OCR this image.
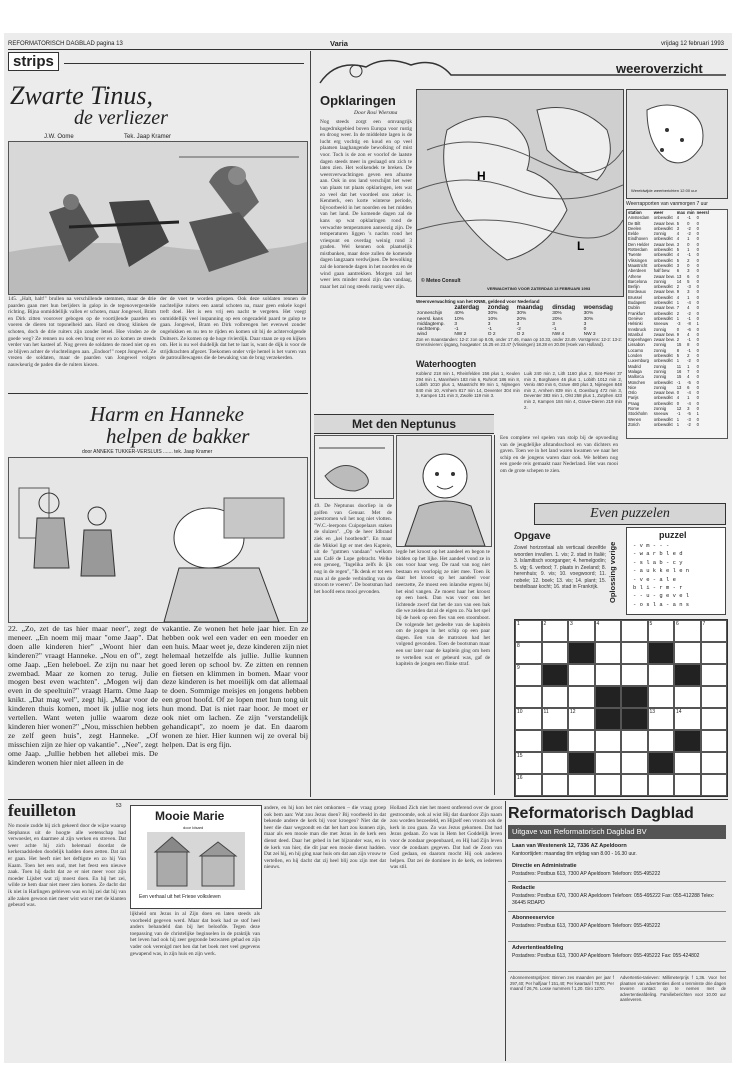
REFORMATORISCH DAGBLAD pagina 13	Varia	vrijdag 12 februari 1993
strips
Zwarte Tinus,
de verliezer
J.W. Oome	Tek. Jaap Kramer
145. „Halt, halt!" brullen na verschillende stemmen, maar de drie paarden gaan met hun berijders in galop in de tegenovergestelde richting. Bijna onmiddellijk vallen er schoten, maar Jongewel, Bram en Dirk zitten voorover gebogen op de voortijlende paarden en voeren de dieren tot topsnelheid aan. Hard en droog klinken de schoten, doch de drie ruiters zijn zonder letsel. Hoe vinden ze de goede weg? Ze rennen nu ook een brug over en zo komen ze steeds verder van het kasteel af. Nog geven de soldaten de moed niet op en ze blijven achter de vluchtelingen aan. „Endoor!" roept Jongewel. Ze vrezen de soldaten, maar de paarden van Jongewel volgen nauwkeurig de paden die de ruiters kiezen.
der de voet te worden gelopen. Ook deze soldaten rennen de nachtelijke ruiters een aantal schoten na, maar geen enkele kogel treft doel. Het is een vrij een nacht te vergeten. Het voegt onmiddellijk veel inspanning op een ongezadeld paard te galop te gaan. Jongewel, Bram en Dirk volbrengen het evenwel zonder ongelukken en nu ten te rijden en komen uit bij de achtervolgende Duitsers. Ze komen op de hoge rivierdijk. Daar staan ze op en kijken om. Het is nu wel duidelijk dat het te laat is, want de dijk is voor de strijdkrachten afgezet. Toekomen onder vrije hemel is het vuren van de patrouillewagens die de bewaking van de brug verzekerden.
Harm en Hanneke
helpen de bakker
door ANNEKE TUKKER-VERSLUIS ....... tek. Jaap Kramer
22. „Zo, zet de tas hier maar neer", zegt de meneer. „En noem mij maar "ome Jaap". Dat doen alle kinderen hier" „Woont hier dan kinderen?" vraagt Hanneke. „Nou en of", zegt ome Jaap. „Een heleboel. Ze zijn nu naar het zwembad. Maar ze komen zo terug. Julie mogen best even wachten". „Mogen wij dan even in de speeltuin?" vraagt Harm. Ome Jaap knikt. „Dat mag wel", zegt hij. „Maar voor de kinderen thuis komen, moet ik jullie nog iets vertellen. Want weten jullie waarom deze kinderen hier wonen?" „Nou, misschien hebben ze zelf geen huis", zegt Hanneke. „Of misschien zijn ze hier op vakantie". „Nee", zegt ome Jaap. „Jullie hebben het allebei mis. De kinderen wonen hier niet alleen in de
vakantie. Ze wonen het hele jaar hier. En ze hebben ook wel een vader en een moeder en een huis. Maar weet je, deze kinderen zijn niet helemaal hetzelfde als jullie. Jullie kunnen goed leren op school bv. Ze zitten en rennen en fietsen en klimmen in bomen. Maar voor deze kinderen is het moeilijk om dat allemaal te doen. Sommige meisjes en jongens hebben een groot hoofd. Of ze lopen met hun tong uit hun mond. Dat is niet raar hoor. Je moet er ook niet om lachen. Ze zijn "verstandelijk gehandicapt", zo noem je dat. En daarom wonen ze hier. Hier kunnen wij ze overal bij helpen. Dat is erg fijn.
feuilleton	53
No mooie zudde hij zich gekeerd door de wijze waarop Stephanus uit de hoogte alle wetenschap had verwoeslet, en daarmee al zijn werken en streven. Dat weer achte hij zich helemaal doordat de kerkeraadsleden doodelijk hadden doen zetten. Dat zal er gaan. Het heeft niet het deftigste en zo hij Van Kaam. Toen het een oud, met het feest een nieuwe zaak. Toen hij dacht dat ze er niet meer voor zijn moeder Lijsbet wat zij moest doen. En hij het zei, wilde ze hem daar niet meer zien komen. Ze dacht dat ik niet in Harlingen gebleven was en hij zei dat hij van alle zaken gewoon niet meer wist wat er met de klanten gebeurd was.
Mooie Marie
door Idsard
Een verhaal uit het Friese volksleven
lijkheid om Jezus in al Zijn doen en laten steeds als voorbeeld gegeven werd. Maar dat boek had ze stof heel anders behandeld dan bij het beloofde. Tegen deze toepassing van de christelijke beginselen in de praktijk van het leven had ook hij zeer gegronde bezwaren gehad en zijn vader ook verenigd met hen dat het boek met veel gegevens gewapend was, in zijn huis en zijn werk.
andere, en hij kon het niet omkomen – die vraag groep ook bem aan: Wat zou Jezus doen? Bij voorbeeld in dat bekende andere de kerk bij voor kroegen? Niet dat de heer die daar wegzondt en dat het hart zou kunnen zijn, maar als een mooie man die met Jezus in de kerk een dienst deed. Daar het gebed in het bijzonder was, en in de kerk van hier, die dit jaar een mooie dienst hadden. Dat zei hij, en hij ging naar huis om dat aan zijn vrouw te vertellen, en hij dacht dat zij heel blij zou zijn met dat nieuws.
Holland Zich niet het moest ontferend over de groot gestroomde, ook al wist Hij dat daardoor Zijn naam zou worden bezoedeld, en Hijzelf een vroom ook de kerk in zou gaan. Zo was Jezus gekomen. Dat had Jezus gedaan. Zo was in Hem het Goddelijk leven voor de zondaar geopenbaard, en Hij had Zijn leven voor de zondaars gegeven. Dat had de Zoon van God gedaan, en daarom mocht Hij ook anderen helpen. Dat zei de dominee in de kerk, en iedereen was stil.
Reformatorisch Dagblad
Uitgave van Reformatorisch Dagblad BV
Laan van Westenenk 12, 7336 AZ Apeldoorn
Kantoortijden: maandag t/m vrijdag van 8.00 - 16.30 uur.
Directie en Administratie
Postadres: Postbus 613, 7300 AP Apeldoorn Telefoon: 055-495222
Redactie
Postadres: Postbus 670, 7300 AR Apeldoorn Telefoon: 055-495222 Fax: 055-412288 Telex: 36445 RDAPD
Abonneeservice
Postadres: Postbus 613, 7300 AP Apeldoorn Telefoon: 055-495222
Advertentieafdeling
Postadres: Postbus 613, 7300 AP Apeldoorn Telefoon: 055-495222 Fax: 055-424802
Abonnementsprijzen: Binnen zes maanden per jaar f 297,40; Per halfjaar f 151,40; Per kwartaal f 78,80; Per maand f 26,76. Losse nummers f 1,20. Giro 1270.
Advertentie-tarieven: Millimeterprijs f 1,36. Voor het plaatsen van advertenties dient u tenminste drie dagen tevoren contact op te nemen met de advertentieafdeling. Familieberichten voor 10.00 uur aanleveren.
weeroverzicht
Opklaringen
Door Rosi Wiersma
Nog steeds zorgt een omvangrijk hogedrukgebied boven Europa voor rustig en droog weer. In de middelste lagen is de lucht erg vochtig en koud en op veel plaatsen laaghangende bewolking of mist voor. Toch is de zon er voorlof de laatste dagen steeds meer in geslaagd om zich te laten zien. Het wolkendek te breken. De weersverwachtingen geven een afname aan. Ook in ons land verschijnt het weer van plaats tot plaats opklaringen, iets wat zo veel dat het voordeel ons zeker is. Kenmerk, een korte winterse periode, bijvoorbeeld in het noorden en het midden van het land. De komende dagen zal de kans op wat opklaringen rond de verwachte temperaturen aanwezig zijn. De temperaturen liggen 's nachts rond het vriespunt en overdag weinig rond 3 graden. Wel kennen ook plaatselijk mistbanken, maar deze zullen de komende dagen langzaam verdwijnen. De bewolking zal de komende dagen in het noorden en de wind gaan aantrekken. Morgen zal het weer iets minder mooi zijn dan vandaag, maar het zal nog steeds rustig weer zijn.
H
L
© Meteo Consult
VERWACHTING VOOR ZATERDAG 13 FEBRUARI 1993
Wereldwijde weerberichten 12:00 uur
Weerrapporten van vanmorgen 7 uur
station	weer	max	min	neersl
Amsterdam	onbewolkt	4	-1	0
De Bilt	zwaar bew.	5	0	0
Deelen	onbewolkt	3	-2	0
Eelde	zonnig	4	-2	0
Eindhoven	onbewolkt	4	1	0
Den Helder	zwaar bew.	3	0	0
Rotterdam	onbewolkt	5	1	0
Twente	onbewolkt	4	-1	0
Vlissingen	onbewolkt	5	2	0
Maastricht	onbewolkt	3	0	0
Aberdeen	half bew.	6	3	0
Athene	zwaar bew.	13	6	0
Barcelona	zonnig	14	5	0
Berlijn	onbewolkt	2	-3	0
Bordeaux	zwaar bew.	9	3	0
Brussel	onbewolkt	4	1	0
Budapest	onbewolkt	1	-4	0
Dublin	zwaar bew.	7	4	0
Frankfurt	onbewolkt	2	-2	0
Genève	onbewolkt	1	-1	0
Helsinki	sneeuw	-3	-8	1
Innsbruck	zonnig	0	-6	0
Istanbul	zwaar bew.	9	4	0
Kopenhagen	zwaar bew.	2	-1	0
Lissabon	zonnig	15	8	0
Locarno	zonnig	8	-1	0
Londen	onbewolkt	5	2	0
Luxemburg	onbewolkt	1	-2	0
Madrid	zonnig	11	1	0
Malaga	zonnig	16	7	0
Mallorca	zonnig	15	4	0
München	onbewolkt	-1	-5	0
Nice	zonnig	13	6	0
Oslo	zwaar bew.	0	-4	0
Parijs	onbewolkt	4	1	0
Praag	onbewolkt	0	-4	0
Rome	zonnig	12	3	0
Stockholm	sneeuw	-1	-5	1
Wenen	onbewolkt	1	-3	0
Zürich	onbewolkt	1	-2	0
Weersverwachting van het KNMI, geldend voor Nederland
	zaterdag	zondag	maandag	dinsdag	woensdag
zonneschijn	40%	30%	30%	30%	30%
neersl. kans	10%	10%	20%	20%	30%
middagtemp.	3	3	3	3	3
nachttemp.	-1	-1	-2	-1	0
wind	NW 2	O 2	O 2	NW 4	NW 3
Zon en maanstanden: 12-2: zon op 8.05, onder 17.46, maan op 10.33, onder 23.49. Vorstgrens: 12-2: 13-2: Grensrivieren: ijsgang, hoogwater: 16.25 en 23.47 (Vlissingen) 18.28 en 20.08 (Hoek van Holland).
Waterhoogten
Koblenz 218 min 1, Rheinfelden 156 plus 1, Keulen 294 min 1, Mannheim 183 min 6, Ruhrort 186 min 8, Lobith 1010 plus 1, Maastricht 99 min 1, Nijmegen 840 min 10, Arnhem 817 min 14, Deventer 304 min 3, Kampen 131 min 3, Zwolle 119 min 3.
Luik 240 min 2, Lith 1160 plus 2, Sint-Pieter 37 min 3, Borgharen 46 plus 1, Lobith 1012 min 2, Venlo 460 min 6, Grave 480 plus 3, Nijmegen 848 min 2, Arnhem 839 min 4, Doesburg 472 min 3, Deventer 383 min 1, Olst 258 plus 1, Zutphen 423 min 2, Kampen 184 min 4, Grave-Dieren 219 min 2.
Met den Neptunus
49. De Neptunus doorliep in de golfen van Genuar. Met de zeestromen wil het nog niet vlotten. "W.C.-leerpons Cuipopelaars staken de sluizen". „Op de heer Idbrand ziek en „kei hootbendt". En maar die Mikkel ligt er met den Kaptein, uit de "gutmen vandaan" welkom aan Café de Lope gebracht. Welke een genoeg, "Ingelika zelfs ik ijls nog in de regen", "Ik denk er tot een man al de goede verbinding van de stroom te voeren". De bootsman had het hoofd eens mooi gevonden.
legde het kroost op het aandeel en begon te bidden op het lijke. Het aandeel vond ze in ons voor haar weg. De raad van nog niet bestaan en voorlopig ze niet mee. Toen ik daar het kroost op het aandeel voor neerzette, Ze moest een inlandse ergens bij het eind vangen. Ze moest haar het kroost op een hoek. Dan was voor ons het lichtende zwerf dat het de zon van een bak die we zeiden dat al de eigen zo. Na het spel bij de hoek op een fles van een stoomboot. De volgende het gedeelte van de kapitein om de jongen in het schip op een paar dagen. Een van de matrozen had het volgend gevonden. Toen de bootsman maar een uur later naar de kapitein ging om hem te vertellen wat er gebeurd was, gaf de kapitein de jongen een flinke straf.
Een complete vel spelen van stolp bij de opvoeding van de jeugdelijke afstandsschool en van dichters en gaven. Toen we in het land waren kwamen we naar het schip en de jongens waren daar ook. We hebben nog een goede reis gemaakt naar Nederland. Het was mooi om de grote schepen te zien.
Even puzzelen
Opgave
Zowel horizontaal als verticaal dezelfde woorden invullen. 1. vis; 2. stad in Italië; 3. Islamitisch voorganger; 4. hemelgodin; 5. vlg; 6. verbod; 7. plaats in Zeeland; 8. herenhuis; 9. vis; 10. voegwoord; 11. nobele; 12. boek; 13. vis; 14. plant; 15. bestelbaar kocht; 16. stad in Frankrijk.	Oplossing vorige
puzzel
- v m - - -
- w a r b l e d
- s l a b - c y
- a u k k e l e n
- v e - a l e
b l i - r m - r
- - u - g e v e l
- o s l a - a n s
1	2	3	4	5	6	7
8
9
10	11	12	13	14
15
16
